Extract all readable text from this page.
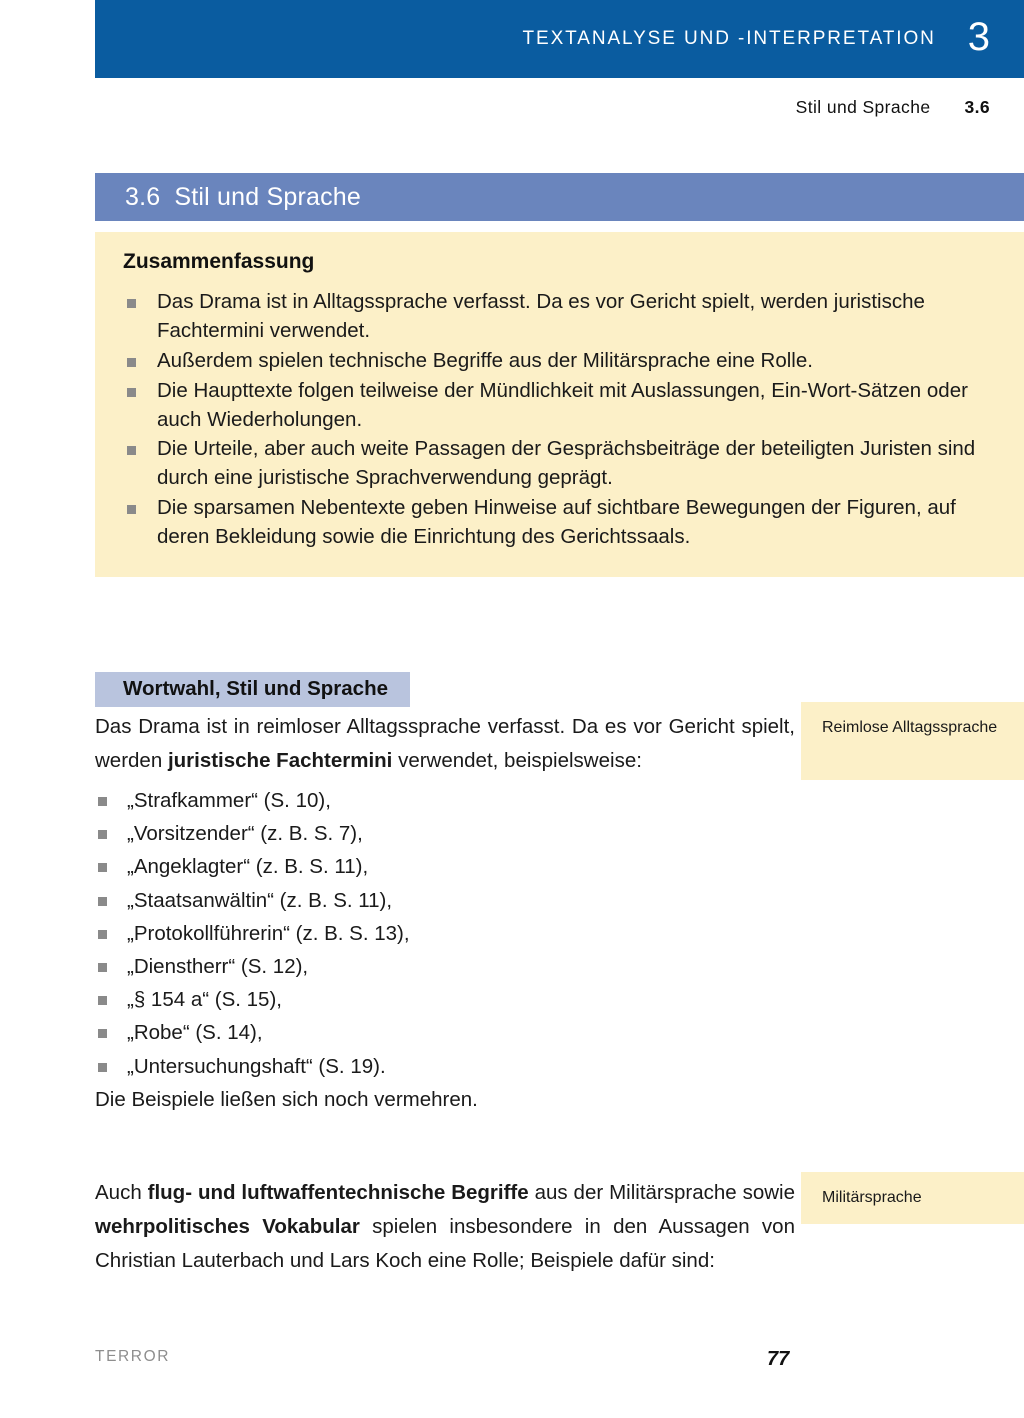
TEXTANALYSE UND -INTERPRETATION 3
Stil und Sprache 3.6
3.6 Stil und Sprache
Zusammenfassung
Das Drama ist in Alltagssprache verfasst. Da es vor Gericht spielt, werden juristische Fachtermini verwendet.
Außerdem spielen technische Begriffe aus der Militärsprache eine Rolle.
Die Haupttexte folgen teilweise der Mündlichkeit mit Auslassungen, Ein-Wort-Sätzen oder auch Wiederholungen.
Die Urteile, aber auch weite Passagen der Gesprächsbeiträge der beteiligten Juristen sind durch eine juristische Sprachverwendung geprägt.
Die sparsamen Nebentexte geben Hinweise auf sichtbare Bewegungen der Figuren, auf deren Bekleidung sowie die Einrichtung des Gerichtssaals.
Wortwahl, Stil und Sprache

Das Drama ist in reimloser Alltagssprache verfasst. Da es vor Gericht spielt, werden juristische Fachtermini verwendet, beispielsweise:

„Strafkammer“ (S. 10),
„Vorsitzender“ (z. B. S. 7),
„Angeklagter“ (z. B. S. 11),
„Staatsanwältin“ (z. B. S. 11),
„Protokollführerin“ (z. B. S. 13),
„Dienstherr“ (S. 12),
„§ 154 a“ (S. 15),
„Robe“ (S. 14),
„Untersuchungshaft“ (S. 19).

Die Beispiele ließen sich noch vermehren.

Auch flug- und luftwaffentechnische Begriffe aus der Militärsprache sowie wehrpolitisches Vokabular spielen insbesondere in den Aussagen von Christian Lauterbach und Lars Koch eine Rolle; Beispiele dafür sind:

Reimlose Alltagssprache
Militärsprache
TERROR	77
